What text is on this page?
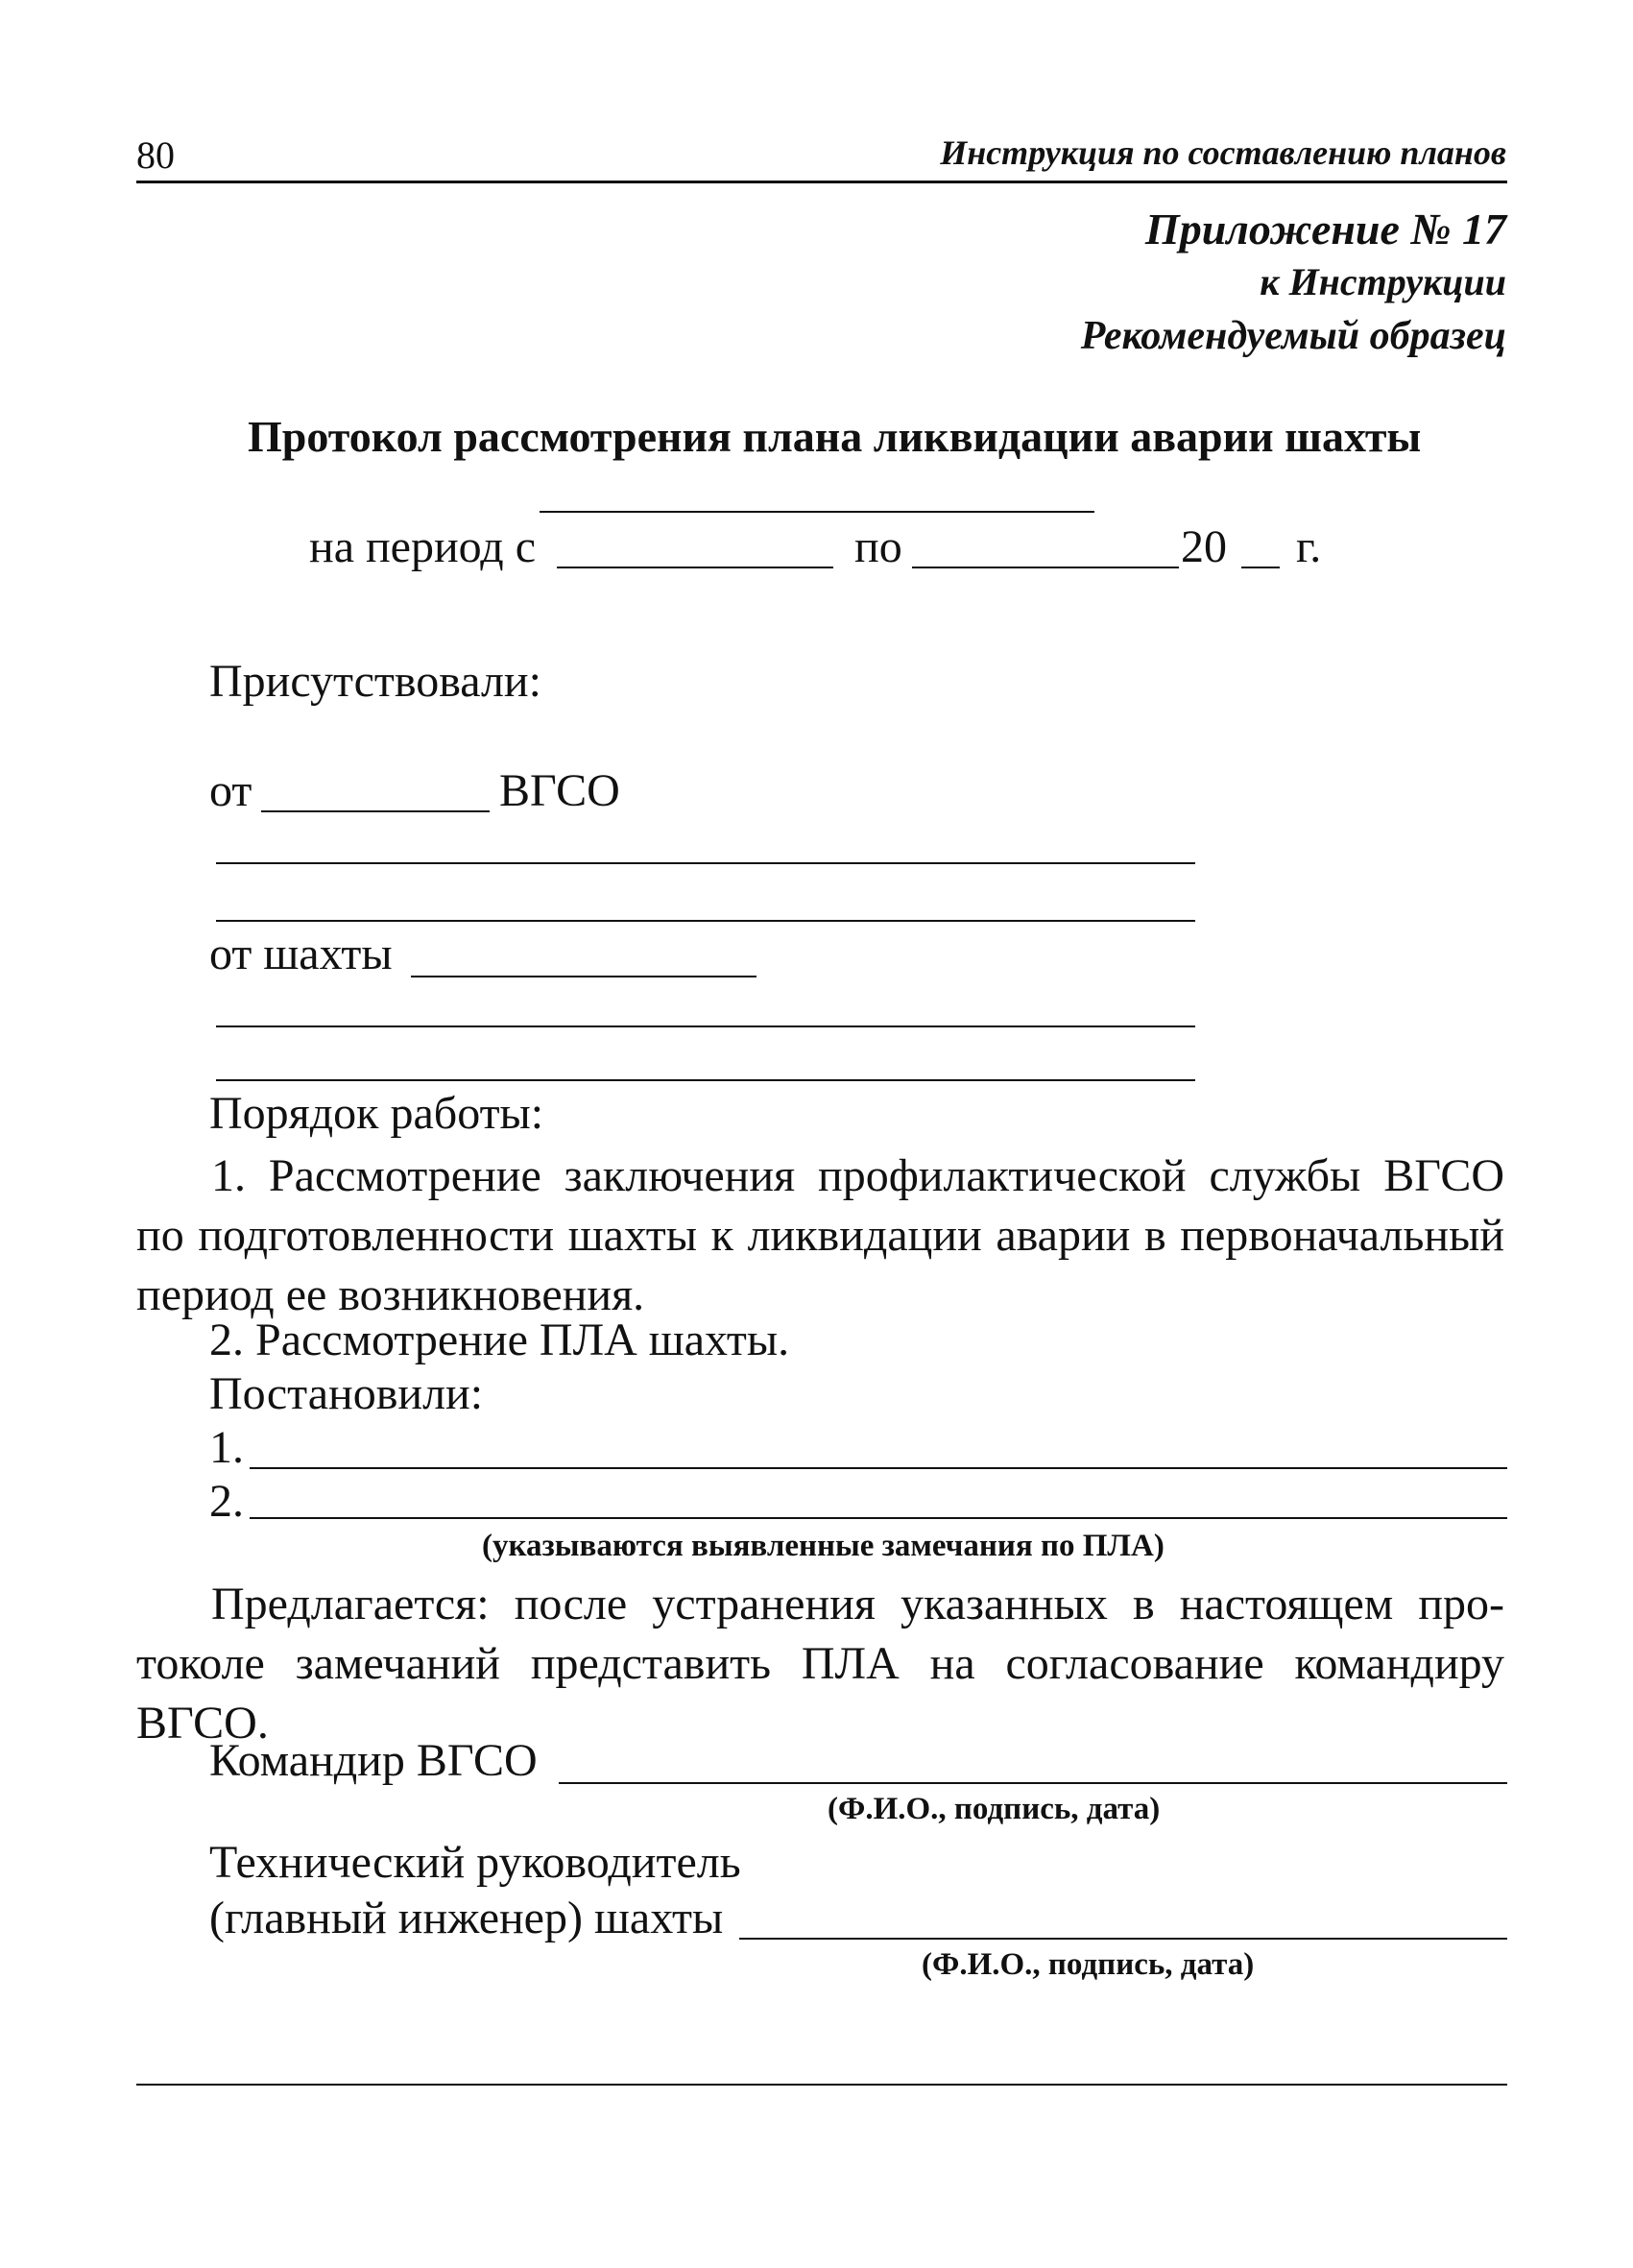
80	Инструкция по составлению планов
Приложение № 17
к Инструкции
Рекомендуемый образец
Протокол рассмотрения плана ликвидации аварии шахты
на период с	по	20 г.
Присутствовали:
от	ВГСО
от шахты
Порядок работы:
1. Рассмотрение заключения профилактической службы ВГСО по подготовленности шахты к ликвидации аварии в первоначальный период ее возникновения.
2. Рассмотрение ПЛА шахты.
Постановили:
1.
2.
(указываются выявленные замечания по ПЛА)
Предлагается: после устранения указанных в настоящем протоколе замечаний представить ПЛА на согласование командиру ВГСО.
Командир ВГСО
(Ф.И.О., подпись, дата)
Технический руководитель
(главный инженер) шахты
(Ф.И.О., подпись, дата)
